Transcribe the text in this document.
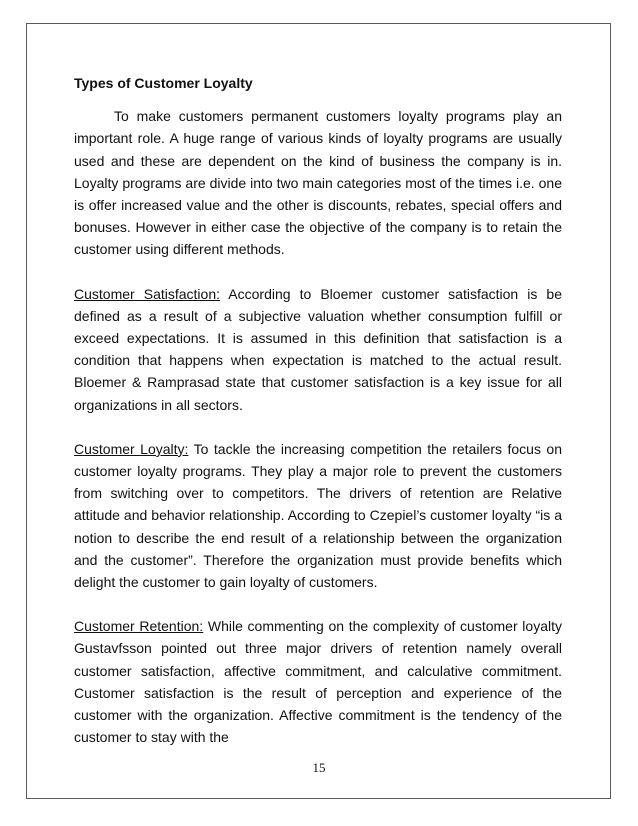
Types of Customer Loyalty

To make customers permanent customers loyalty programs play an important role. A huge range of various kinds of loyalty programs are usually used and these are dependent on the kind of business the company is in. Loyalty programs are divide into two main categories most of the times i.e. one is offer increased value and the other is discounts, rebates, special offers and bonuses. However in either case the objective of the company is to retain the customer using different methods.

Customer Satisfaction: According to Bloemer customer satisfaction is be defined as a result of a subjective valuation whether consumption fulfill or exceed expectations. It is assumed in this definition that satisfaction is a condition that happens when expectation is matched to the actual result. Bloemer & Ramprasad state that customer satisfaction is a key issue for all organizations in all sectors.

Customer Loyalty: To tackle the increasing competition the retailers focus on customer loyalty programs. They play a major role to prevent the customers from switching over to competitors. The drivers of retention are Relative attitude and behavior relationship. According to Czepiel’s customer loyalty “is a notion to describe the end result of a relationship between the organization and the customer”. Therefore the organization must provide benefits which delight the customer to gain loyalty of customers.

Customer Retention: While commenting on the complexity of customer loyalty Gustavfsson pointed out three major drivers of retention namely overall customer satisfaction, affective commitment, and calculative commitment. Customer satisfaction is the result of perception and experience of the customer with the organization. Affective commitment is the tendency of the customer to stay with the

15
